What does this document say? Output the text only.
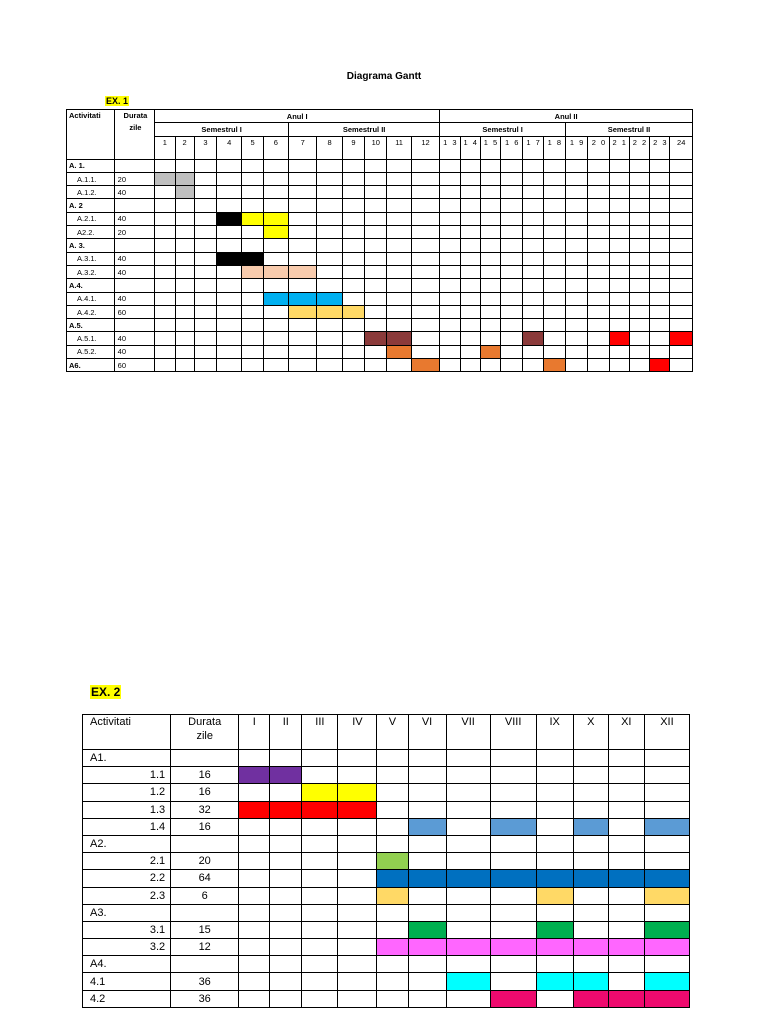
Diagrama Gantt
EX. 1
Activitati	Durata zile	Anul I												Anul II											
		Semestrul I						Semestrul II						Semestrul I						Semestrul II					
		1	2	3	4	5	6	7	8	9	10	11	12	1 3	1 4	1 5	1 6	1 7	1 8	1 9	2 0	2 1	2 2	2 3	24
A. 1.																									
A.1.1.	20																								
A.1.2.	40																								
A. 2																									
A.2.1.	40																								
A2.2.	20																								
A. 3.																									
A.3.1.	40																								
A.3.2.	40																								
A.4.																									
A.4.1.	40																								
A.4.2.	60																								
A.5.																									
A.5.1.	40																								
A.5.2.	40																								
A6.	60																								
EX. 2
Activitati	Durata zile	I	II	III	IV	V	VI	VII	VIII	IX	X	XI	XII
A1.													
1.1	16												
1.2	16												
1.3	32												
1.4	16												
A2.													
2.1	20												
2.2	64												
2.3	6												
A3.													
3.1	15												
3.2	12												
A4.													
4.1	36												
4.2	36												
